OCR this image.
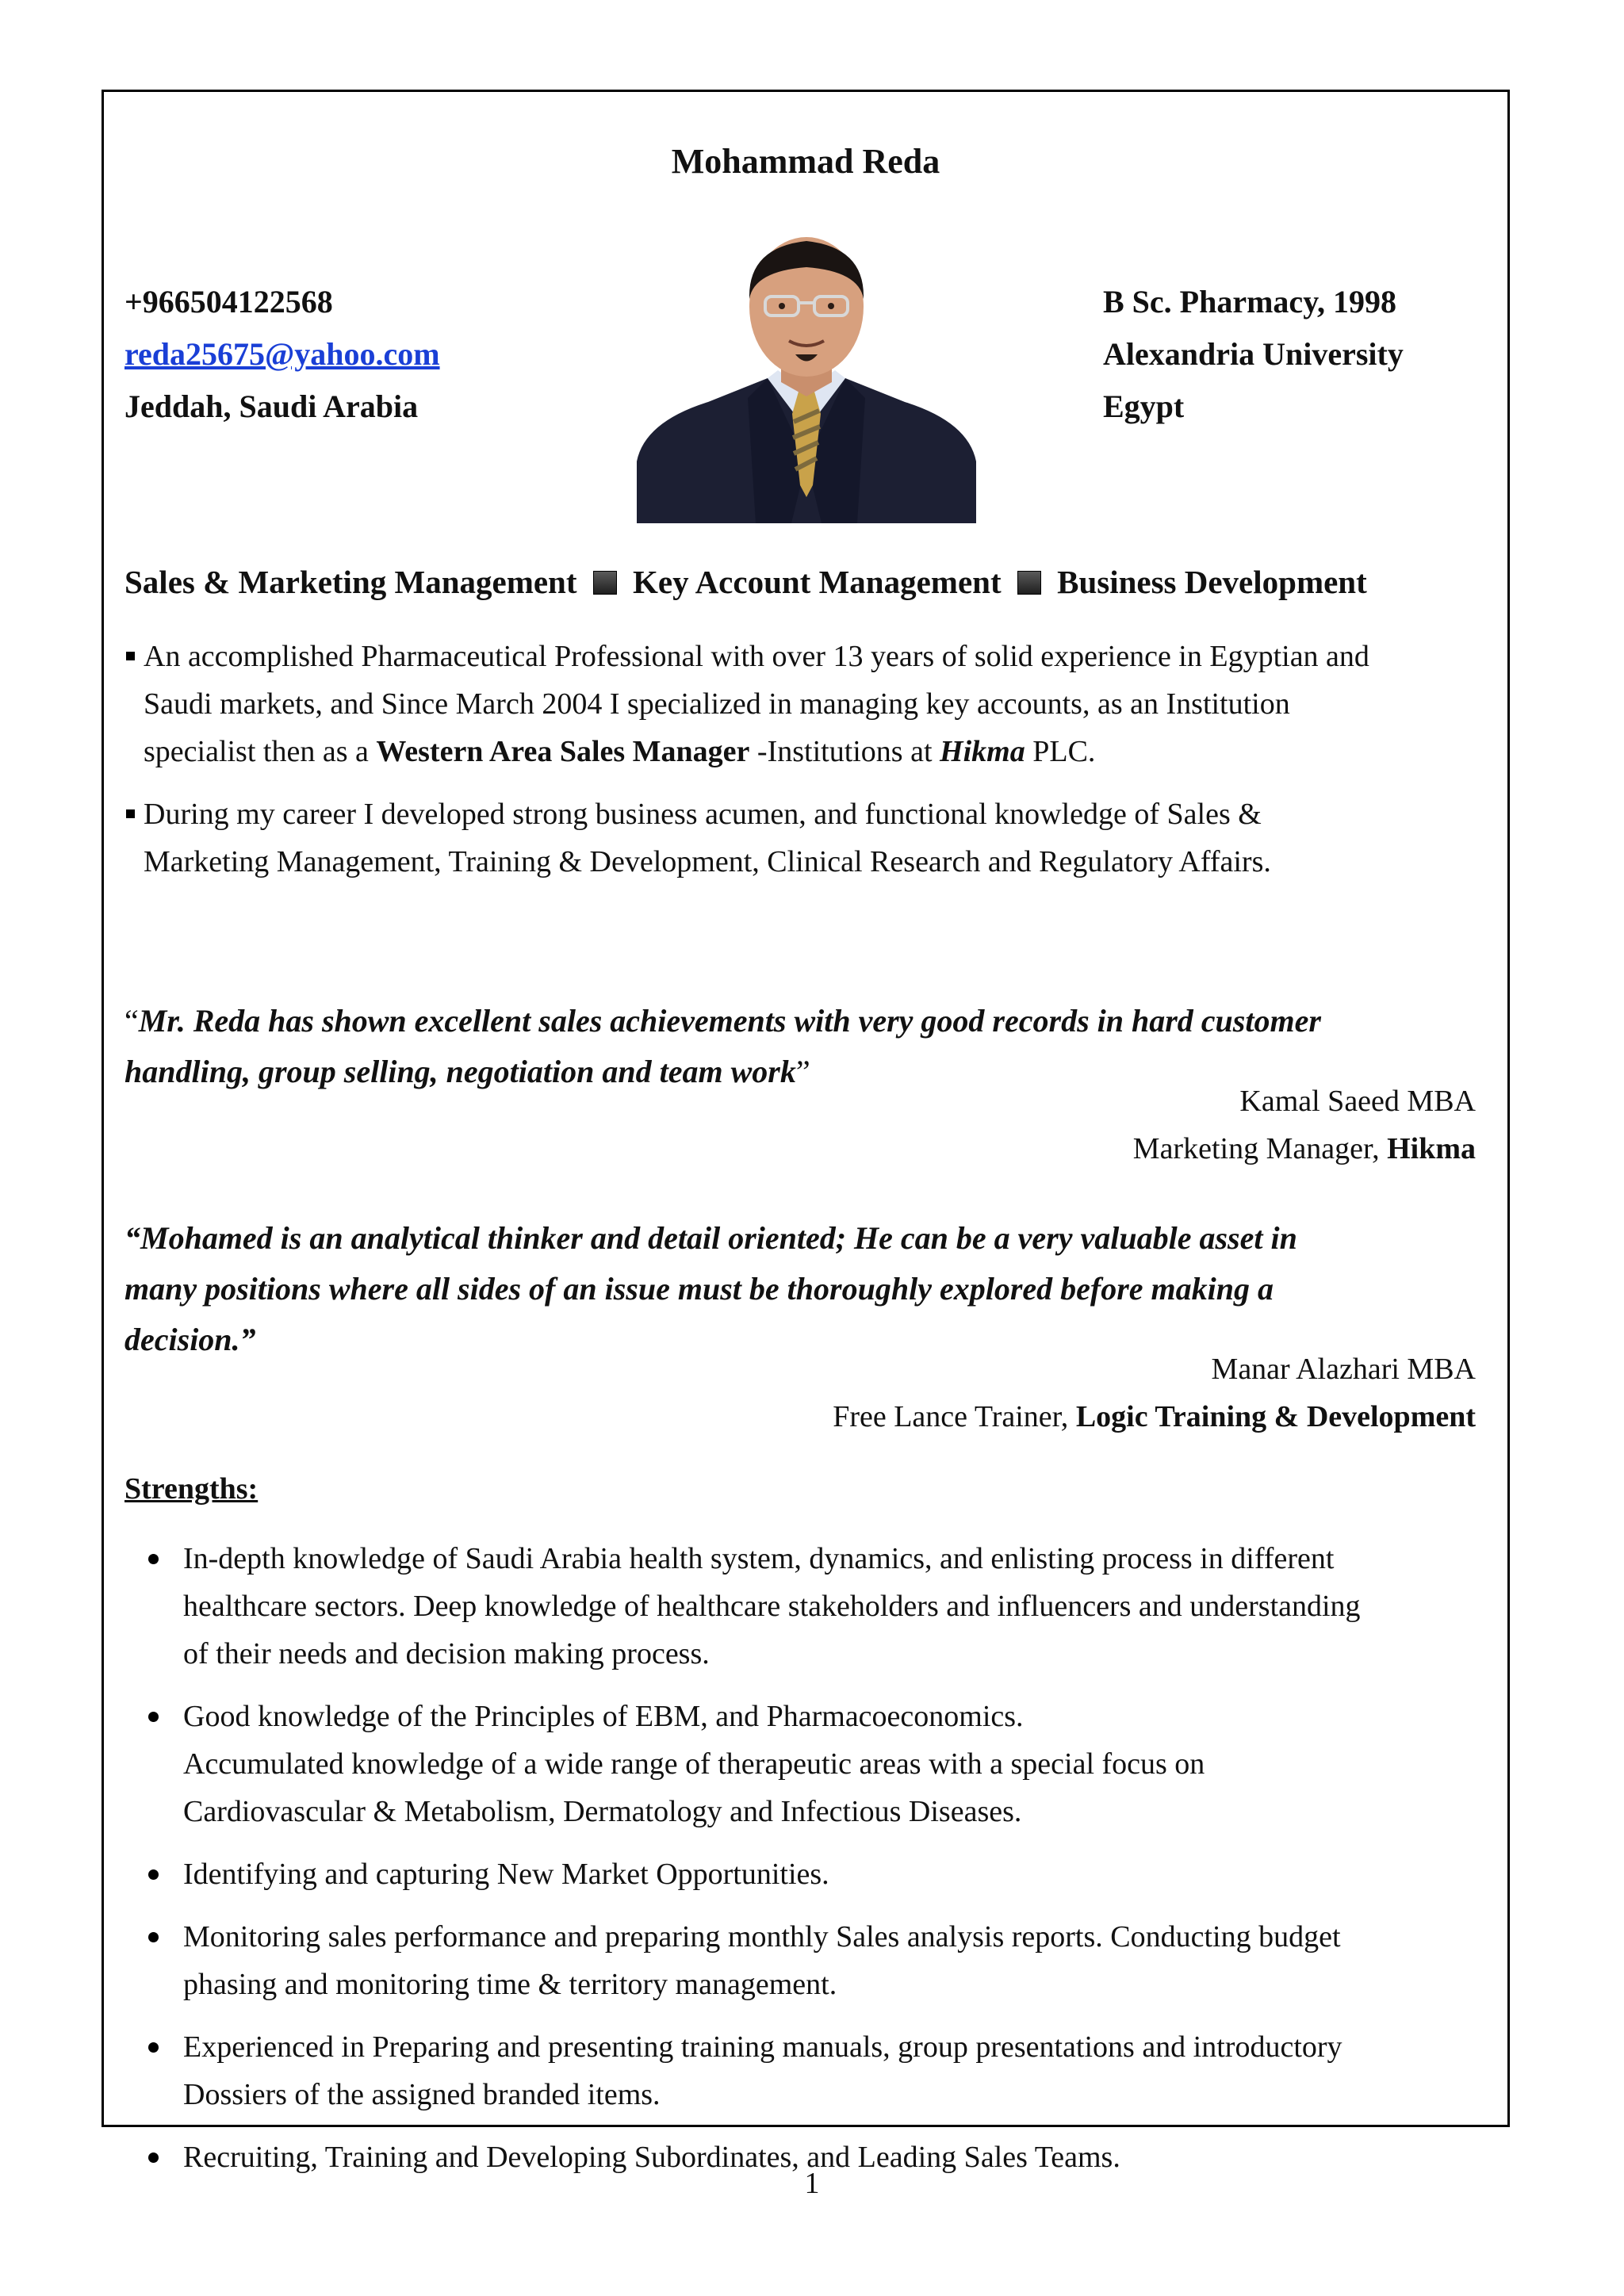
Mohammad Reda
+966504122568
reda25675@yahoo.com
Jeddah, Saudi Arabia
B Sc. Pharmacy, 1998
Alexandria University
Egypt
Sales & Marketing Management Key Account Management Business Development
An accomplished Pharmaceutical Professional with over 13 years of solid experience in Egyptian and
Saudi markets, and Since March 2004 I specialized in managing key accounts, as an Institution
specialist then as a Western Area Sales Manager -Institutions at Hikma PLC.
During my career I developed strong business acumen, and functional knowledge of Sales &
Marketing Management, Training & Development, Clinical Research and Regulatory Affairs.
“Mr. Reda has shown excellent sales achievements with very good records in hard customer
handling, group selling, negotiation and team work”
Kamal Saeed MBA
Marketing Manager, Hikma
“Mohamed is an analytical thinker and detail oriented; He can be a very valuable asset in
many positions where all sides of an issue must be thoroughly explored before making a
decision.”
Manar Alazhari MBA
Free Lance Trainer, Logic Training & Development
Strengths:
In-depth knowledge of Saudi Arabia health system, dynamics, and enlisting process in different
healthcare sectors. Deep knowledge of healthcare stakeholders and influencers and understanding
of their needs and decision making process.
Good knowledge of the Principles of EBM, and Pharmacoeconomics.
Accumulated knowledge of a wide range of therapeutic areas with a special focus on
Cardiovascular & Metabolism, Dermatology and Infectious Diseases.
Identifying and capturing New Market Opportunities.
Monitoring sales performance and preparing monthly Sales analysis reports. Conducting budget
phasing and monitoring time & territory management.
Experienced in Preparing and presenting training manuals, group presentations and introductory
Dossiers of the assigned branded items.
Recruiting, Training and Developing Subordinates, and Leading Sales Teams.
1
